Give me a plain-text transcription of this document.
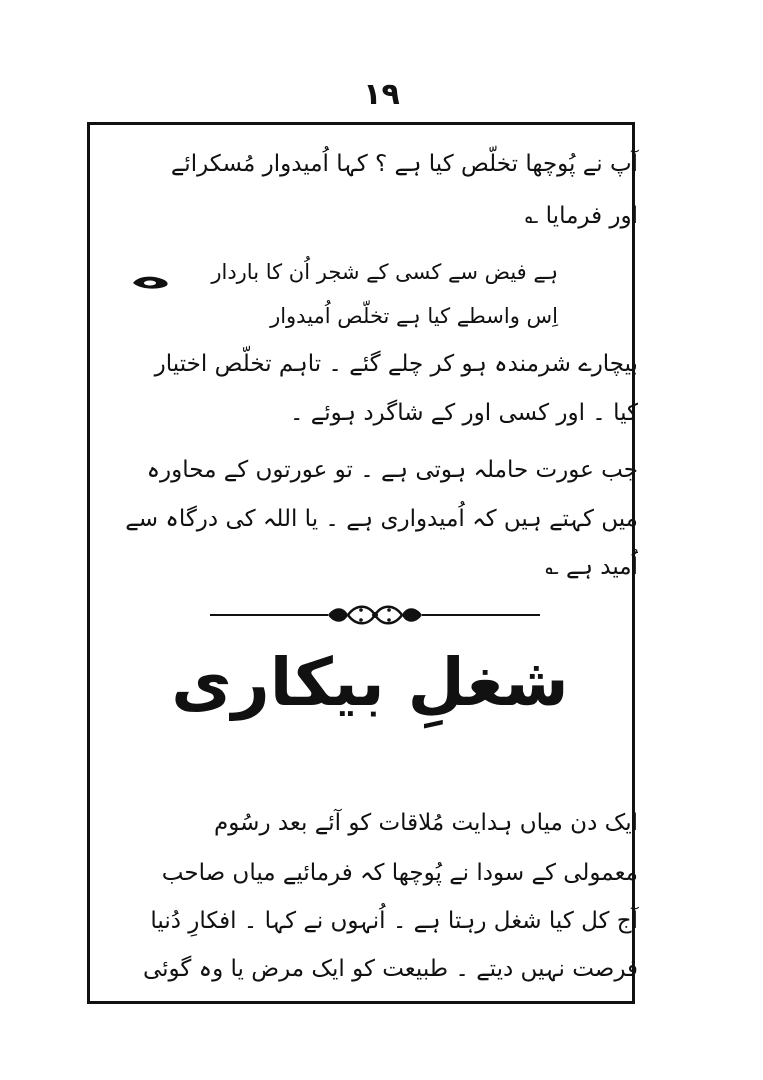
١٩
آپ نے پُوچھا تخلّص کیا ہے ؟ کہا اُمیدوار مُسکرائے
اور فرمایا ؎
ہے فیض سے کسی کے شجر اُن کا باردار
اِس واسطے کیا ہے تخلّص اُمیدوار
بیچارے شرمندہ ہو کر چلے گئے ۔ تاہم تخلّص اختیار
کیا ۔ اور کسی اور کے شاگرد ہوئے ۔
جب عورت حاملہ ہوتی ہے ۔ تو عورتوں کے محاورہ
میں کہتے ہیں کہ اُمیدواری ہے ۔ یا اللہ کی درگاہ سے
اُمید ہے ؎
شغلِ بیکاری
ایک دن میاں ہدایت مُلاقات کو آئے بعد رسُوم
معمولی کے سودا نے پُوچھا کہ فرمائیے میاں صاحب
آج کل کیا شغل رہتا ہے ۔ اُنہوں نے کہا ۔ افکارِ دُنیا
فرصت نہیں دیتے ۔ طبیعت کو ایک مرض یا وہ گوئی
